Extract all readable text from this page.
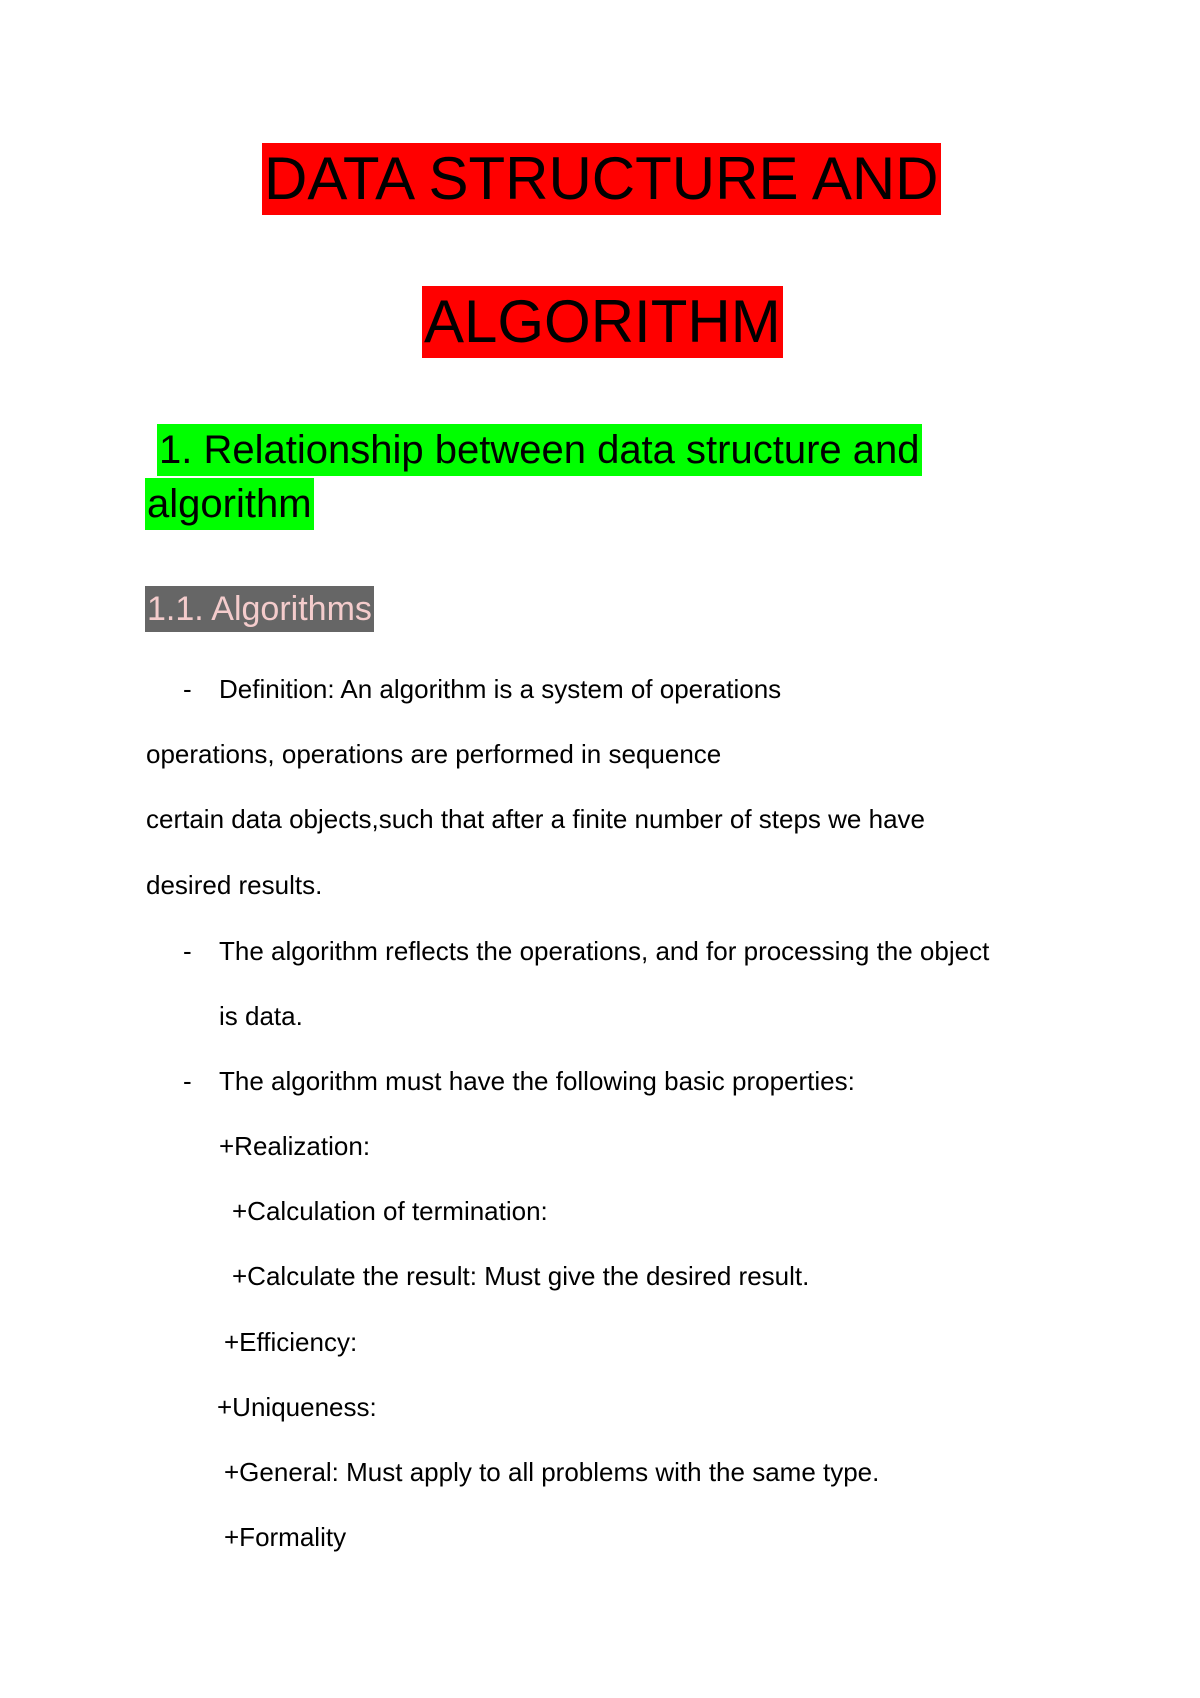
DATA STRUCTURE AND
ALGORITHM
1. Relationship between data structure and
algorithm
1.1. Algorithms
- Definition: An algorithm is a system of operations
operations, operations are performed in sequence
certain data objects,such that after a finite number of steps we have
desired results.
- The algorithm reflects the operations, and for processing the object
is data.
- The algorithm must have the following basic properties:
+Realization:
+Calculation of termination:
+Calculate the result: Must give the desired result.
+Efficiency:
+Uniqueness:
+General: Must apply to all problems with the same type.
+Formality
